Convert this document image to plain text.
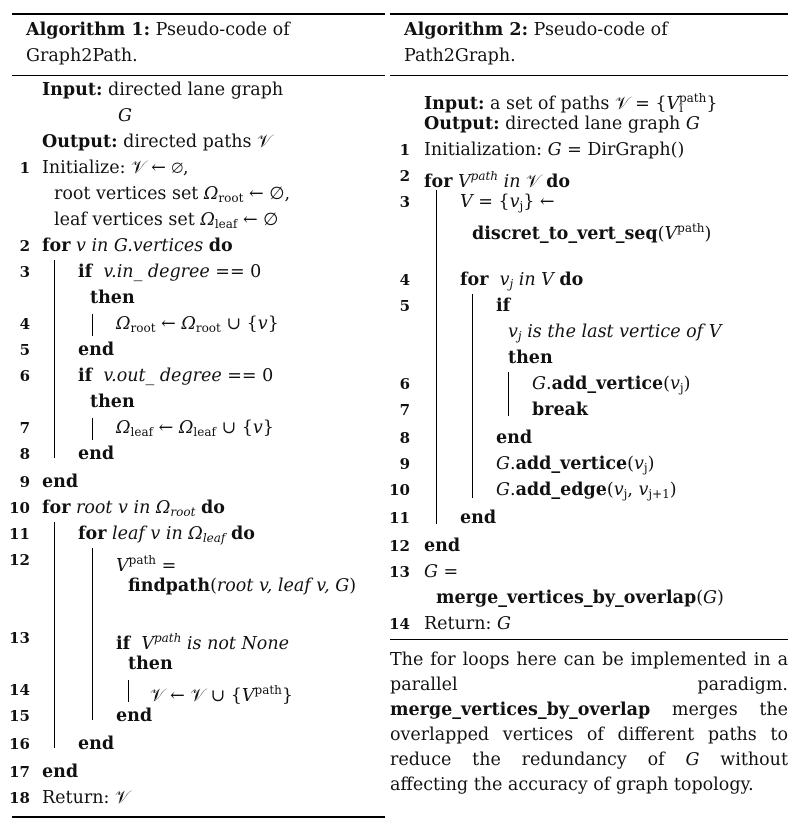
Algorithm 1: Pseudo-code of Graph2Path.
Input: directed lane graph
G
Output: directed paths 𝒱
1 Initialize: 𝒱 ← ∅,
root vertices set Ωroot ← ∅,
leaf vertices set Ωleaf ← ∅
2 for v in G.vertices do
3	if v.in_ degree == 0
then
4	Ωroot ← Ωroot ∪ {v}
5	end
6	if v.out_ degree == 0
then
7	Ωleaf ← Ωleaf ∪ {v}
8	end
9 end
10 for root v in Ωroot do
11	for leaf v in Ωleaf do
12	$V^{path}$ =
findpath(root v, leaf v, G)
13	if $V^{path}$ is not None
then
14	𝒱 ← 𝒱 ∪ $\{V^{path}\}$
15	end
16	end
17 end
18 Return: 𝒱
Algorithm 2: Pseudo-code of Path2Graph.
Input: a set of paths 𝒱 = $\{Vi^{path}\}$
Output: directed lane graph G
1 Initialization: G = DirGraph()
2 for $V^{path}$ in 𝒱 do
3	V = {vj} ←
$discret\_to\_vert\_seq(V^{path})$
4	for vj in V do
5	if
vj is the last vertice of V
then
6	G.add_vertice(vj)
7	break
8	end
9	G.add_vertice(vj)
10	G.add_edge(vj, vj+1)
11	end
12 end
13 G =
merge_vertices_by_overlap(G)
14 Return: G
The for loops here can be implemented in a parallel paradigm. merge_vertices_by_overlap merges the overlapped vertices of different paths to reduce the redundancy of G without affecting the accuracy of graph topology.
